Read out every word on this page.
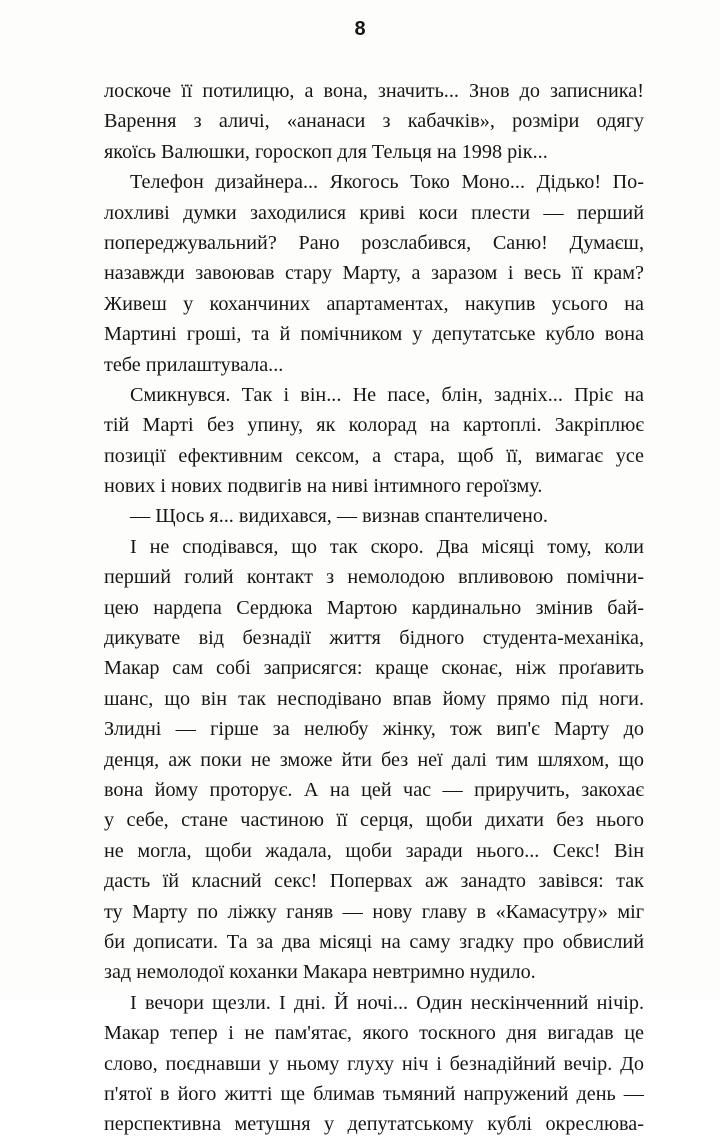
8
лоскоче її потилицю, а вона, значить... Знов до записника!
Варення з аличі, «ананаси з кабачків», розміри одягу
якоїсь Валюшки, гороскоп для Тельця на 1998 рік...
Телефон дизайнера... Якогось Токо Моно... Дідько! По-
лохливі думки заходилися криві коси плести — перший
попереджувальний? Рано розслабився, Саню! Думаєш,
назавжди завоював стару Марту, а заразом і весь її крам?
Живеш у коханчиних апартаментах, накупив усього на
Мартині гроші, та й помічником у депутатське кубло вона
тебе прилаштувала...
Смикнувся. Так і він... Не пасе, блін, задніх... Пріє на
тій Марті без упину, як колорад на картоплі. Закріплює
позиції ефективним сексом, а стара, щоб її, вимагає усе
нових і нових подвигів на ниві інтимного героїзму.
— Щось я... видихався, — визнав спантеличено.
І не сподівався, що так скоро. Два місяці тому, коли
перший голий контакт з немолодою впливовою помічни-
цею нардепа Сердюка Мартою кардинально змінив бай-
дикувате від безнадії життя бідного студента-механіка,
Макар сам собі заприсягся: краще сконає, ніж проґавить
шанс, що він так несподівано впав йому прямо під ноги.
Злидні — гірше за нелюбу жінку, тож вип'є Марту до
денця, аж поки не зможе йти без неї далі тим шляхом, що
вона йому проторує. А на цей час — приручить, закохає
у себе, стане частиною її серця, щоби дихати без нього
не могла, щоби жадала, щоби заради нього... Секс! Він
дасть їй класний секс! Поперваx аж занадто завівся: так
ту Марту по ліжку ганяв — нову главу в «Камасутру» міг
би дописати. Та за два місяці на саму згадку про обвислий
зад немолодої коханки Макара невтримно нудило.
І вечори щезли. І дні. Й ночі... Один нескінченний нічір.
Макар тепер і не пам'ятає, якого тоскного дня вигадав це
слово, поєднавши у ньому глуху ніч і безнадійний вечір. До
п'ятої в його житті ще блимав тьмяний напружений день —
перспективна метушня у депутатському кублі окреслюва-
